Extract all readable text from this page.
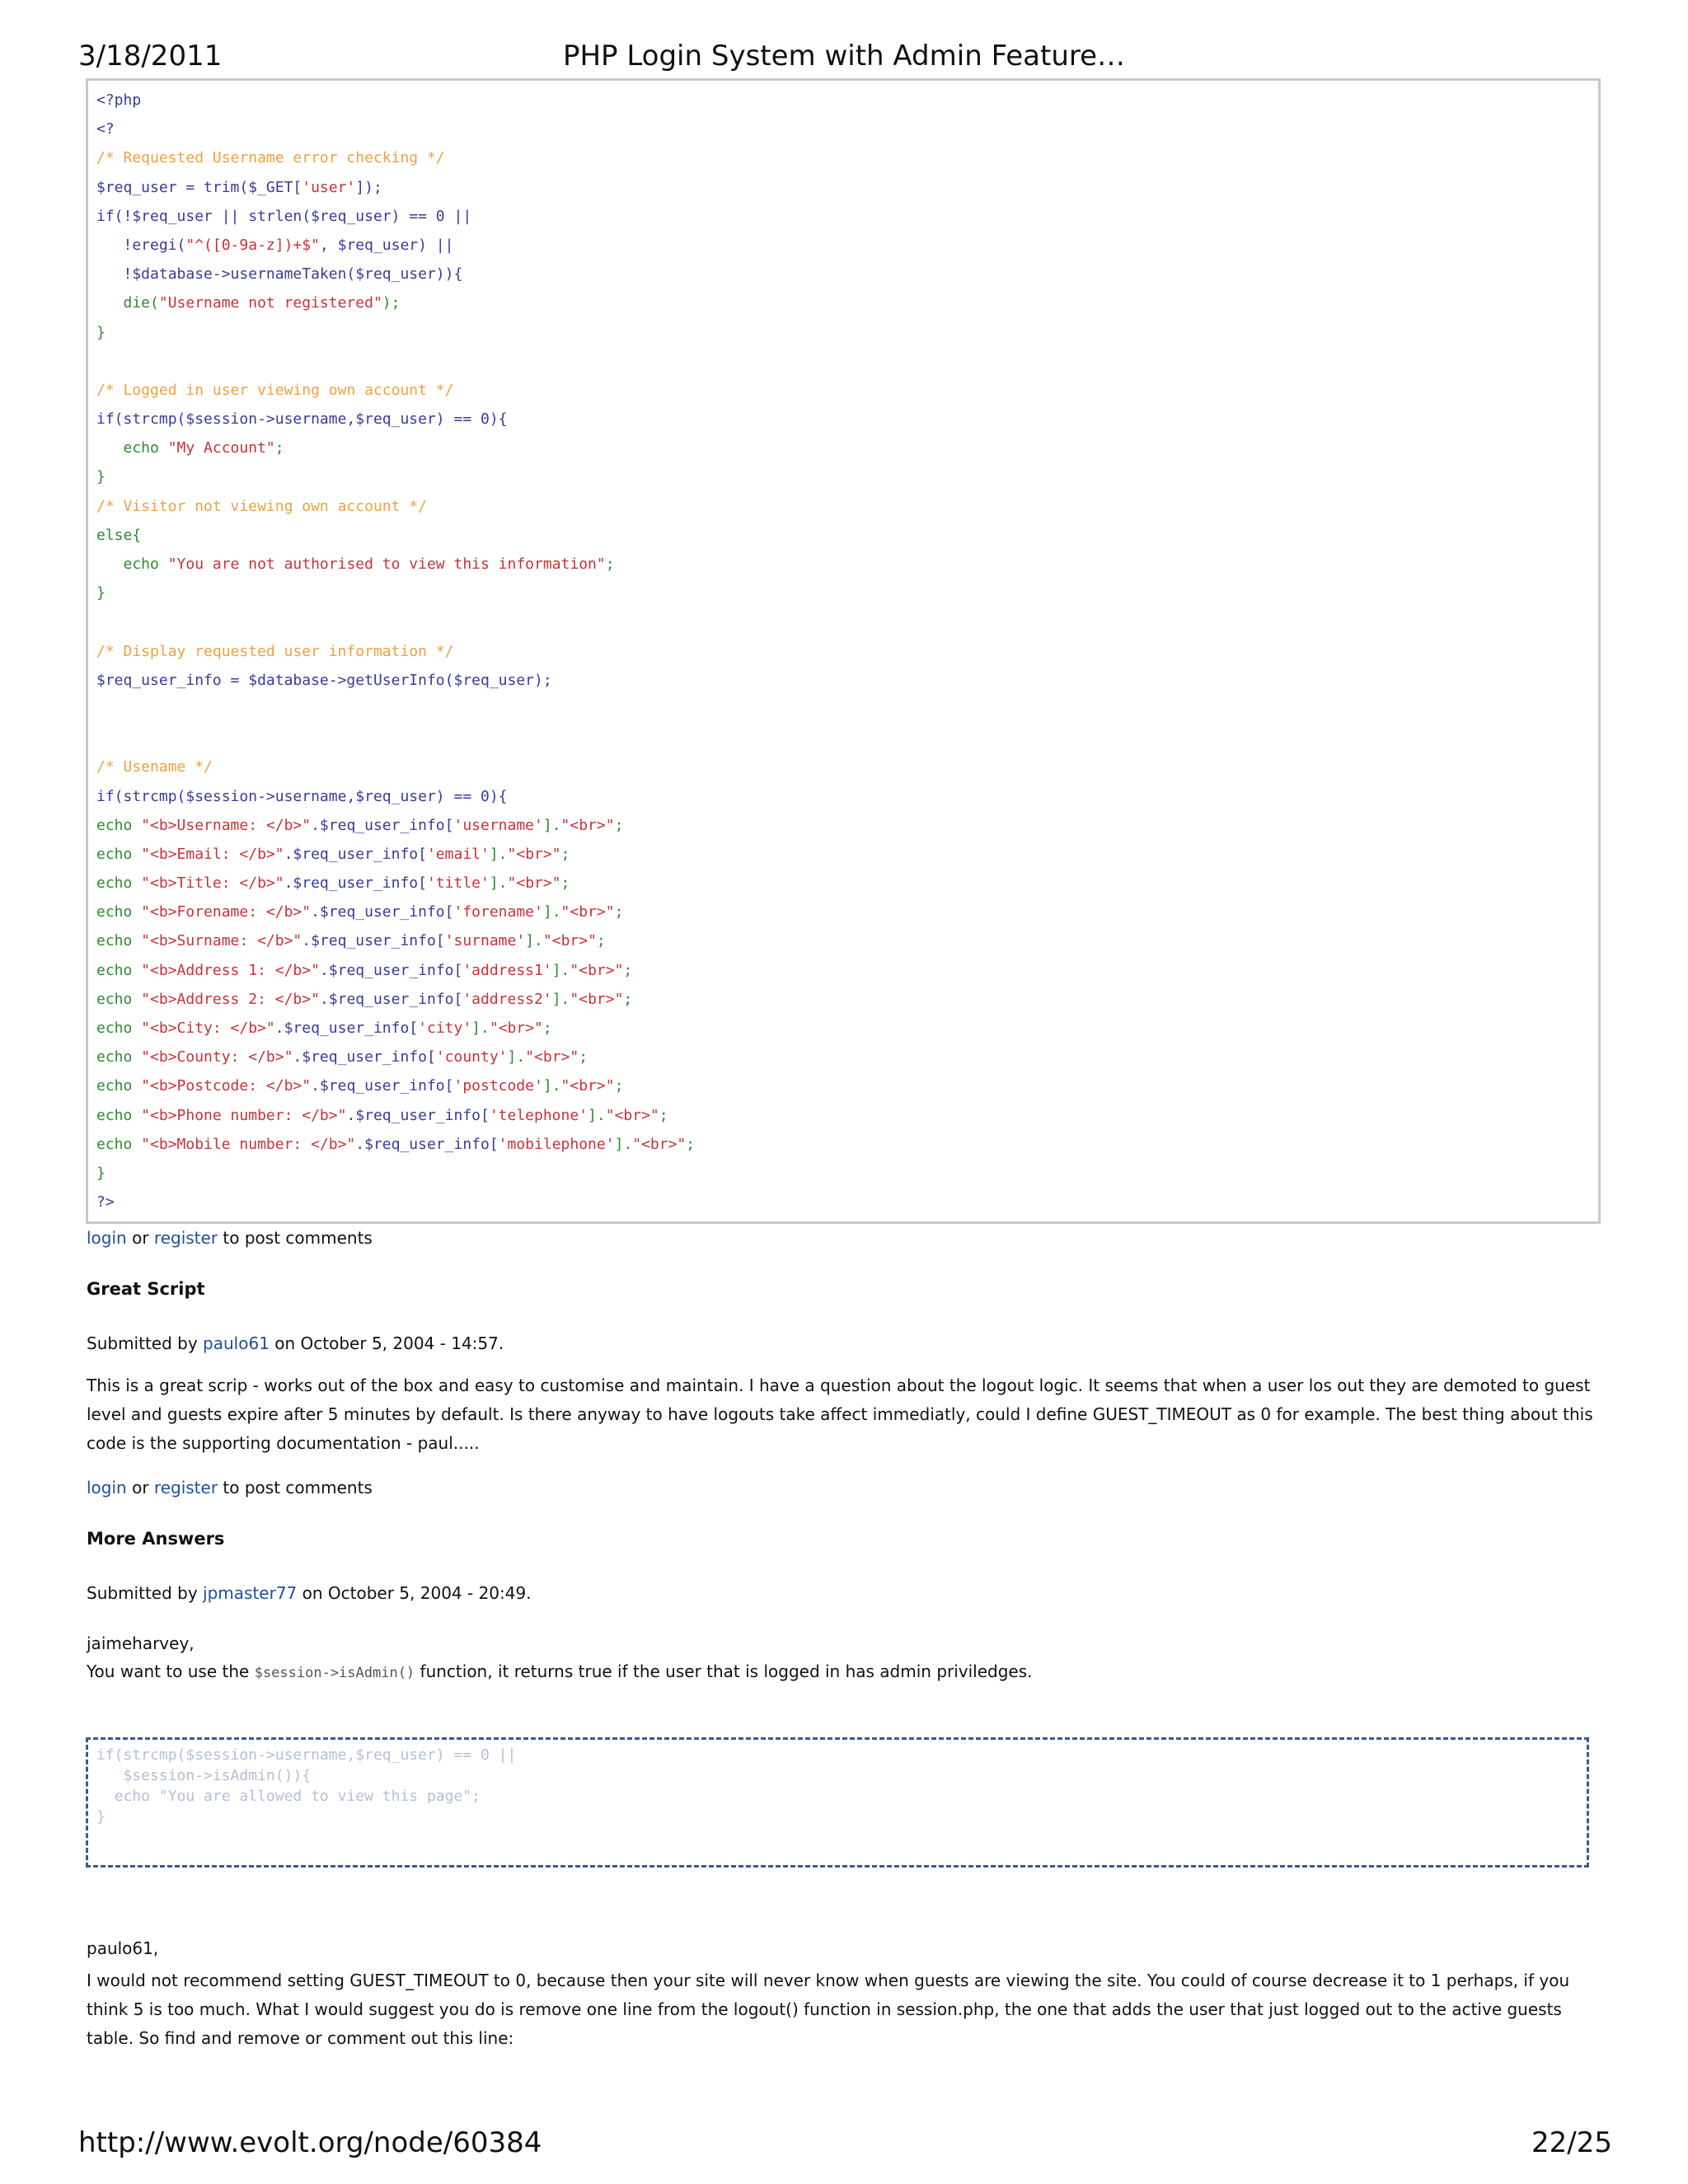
3/18/2011	PHP Login System with Admin Feature…
<?php
<?
/* Requested Username error checking */
$req_user = trim($_GET['user']);
if(!$req_user || strlen($req_user) == 0 ||
!eregi("^([0-9a-z])+$", $req_user) ||
!$database->usernameTaken($req_user)){
die("Username not registered");
}
/* Logged in user viewing own account */
if(strcmp($session->username,$req_user) == 0){
echo "My Account";
}
/* Visitor not viewing own account */
else{
echo "You are not authorised to view this information";
}
/* Display requested user information */
$req_user_info = $database->getUserInfo($req_user);
/* Usename */
if(strcmp($session->username,$req_user) == 0){
echo "<b>Username: </b>".$req_user_info['username']."<br>";
echo "<b>Email: </b>".$req_user_info['email']."<br>";
echo "<b>Title: </b>".$req_user_info['title']."<br>";
echo "<b>Forename: </b>".$req_user_info['forename']."<br>";
echo "<b>Surname: </b>".$req_user_info['surname']."<br>";
echo "<b>Address 1: </b>".$req_user_info['address1']."<br>";
echo "<b>Address 2: </b>".$req_user_info['address2']."<br>";
echo "<b>City: </b>".$req_user_info['city']."<br>";
echo "<b>County: </b>".$req_user_info['county']."<br>";
echo "<b>Postcode: </b>".$req_user_info['postcode']."<br>";
echo "<b>Phone number: </b>".$req_user_info['telephone']."<br>";
echo "<b>Mobile number: </b>".$req_user_info['mobilephone']."<br>";
}
?>
login or register to post comments
Great Script
Submitted by paulo61 on October 5, 2004 - 14:57.
This is a great scrip - works out of the box and easy to customise and maintain. I have a question about the logout logic. It seems that when a user los out they are demoted to guest level and guests expire after 5 minutes by default. Is there anyway to have logouts take affect immediatly, could I define GUEST_TIMEOUT as 0 for example. The best thing about this code is the supporting documentation - paul.....
login or register to post comments
More Answers
Submitted by jpmaster77 on October 5, 2004 - 20:49.
jaimeharvey,
You want to use the $session->isAdmin() function, it returns true if the user that is logged in has admin priviledges.
if(strcmp($session->username,$req_user) == 0 ||
$session->isAdmin()){
echo "You are allowed to view this page";
}
paulo61,
I would not recommend setting GUEST_TIMEOUT to 0, because then your site will never know when guests are viewing the site. You could of course decrease it to 1 perhaps, if you think 5 is too much. What I would suggest you do is remove one line from the logout() function in session.php, the one that adds the user that just logged out to the active guests table. So find and remove or comment out this line:
http://www.evolt.org/node/60384	22/25
